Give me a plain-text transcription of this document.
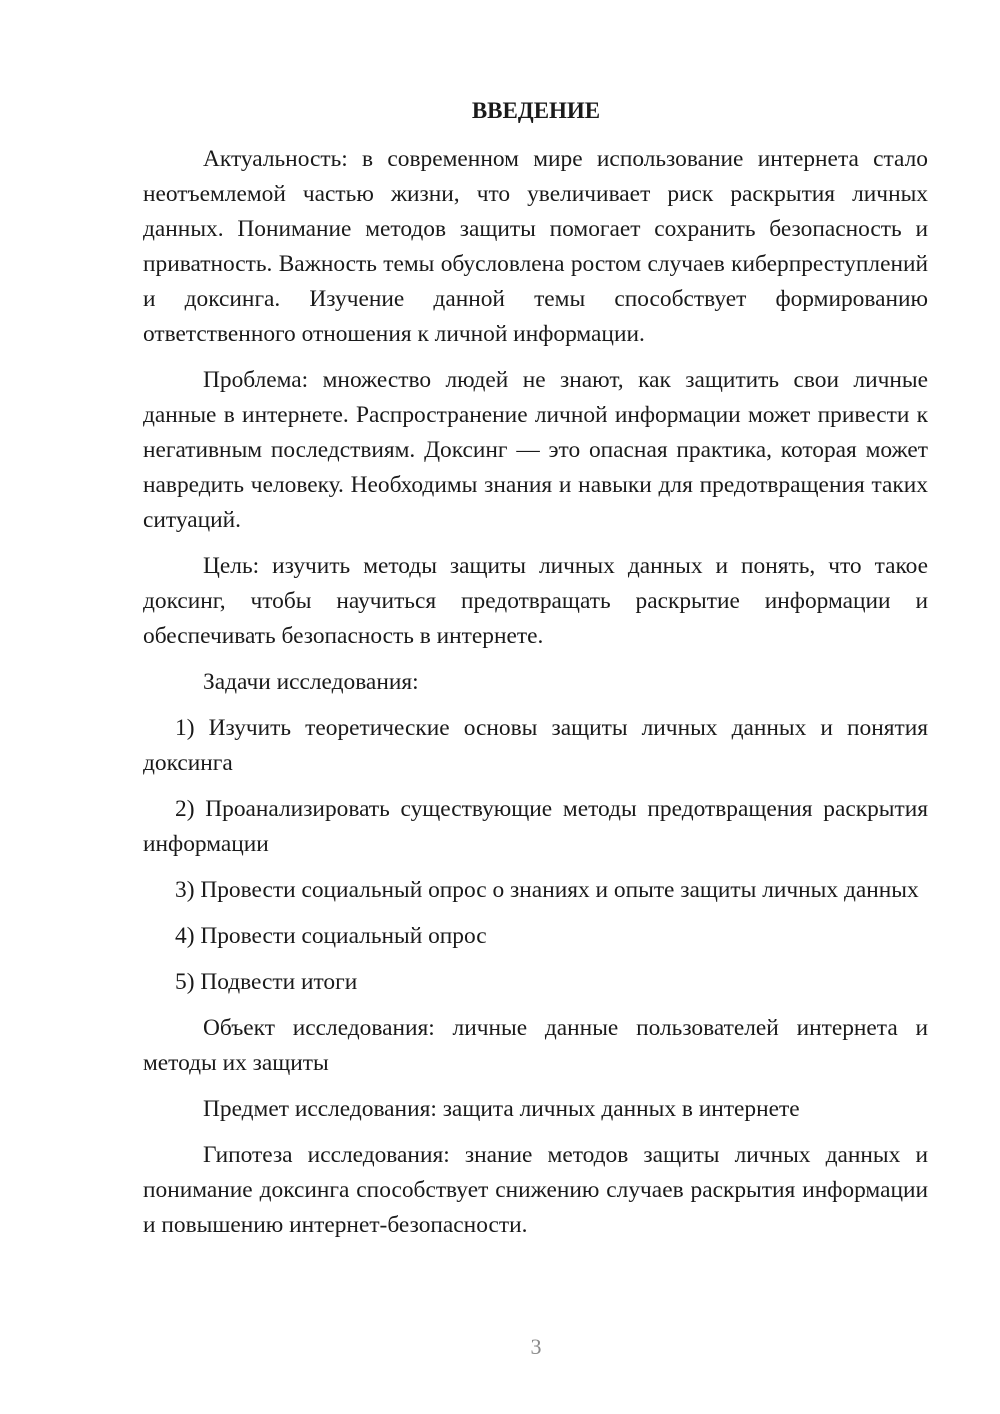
ВВЕДЕНИЕ

Актуальность: в современном мире использование интернета стало неотъемлемой частью жизни, что увеличивает риск раскрытия личных данных. Понимание методов защиты помогает сохранить безопасность и приватность. Важность темы обусловлена ростом случаев киберпреступлений и доксинга. Изучение данной темы способствует формированию ответственного отношения к личной информации.

Проблема: множество людей не знают, как защитить свои личные данные в интернете. Распространение личной информации может привести к негативным последствиям. Доксинг — это опасная практика, которая может навредить человеку. Необходимы знания и навыки для предотвращения таких ситуаций.

Цель: изучить методы защиты личных данных и понять, что такое доксинг, чтобы научиться предотвращать раскрытие информации и обеспечивать безопасность в интернете.

Задачи исследования:

1) Изучить теоретические основы защиты личных данных и понятия доксинга

2) Проанализировать существующие методы предотвращения раскрытия информации

3) Провести социальный опрос о знаниях и опыте защиты личных данных

4) Провести социальный опрос

5) Подвести итоги

Объект исследования: личные данные пользователей интернета и методы их защиты

Предмет исследования: защита личных данных в интернете

Гипотеза исследования: знание методов защиты личных данных и понимание доксинга способствует снижению случаев раскрытия информации и повышению интернет-безопасности.

3
